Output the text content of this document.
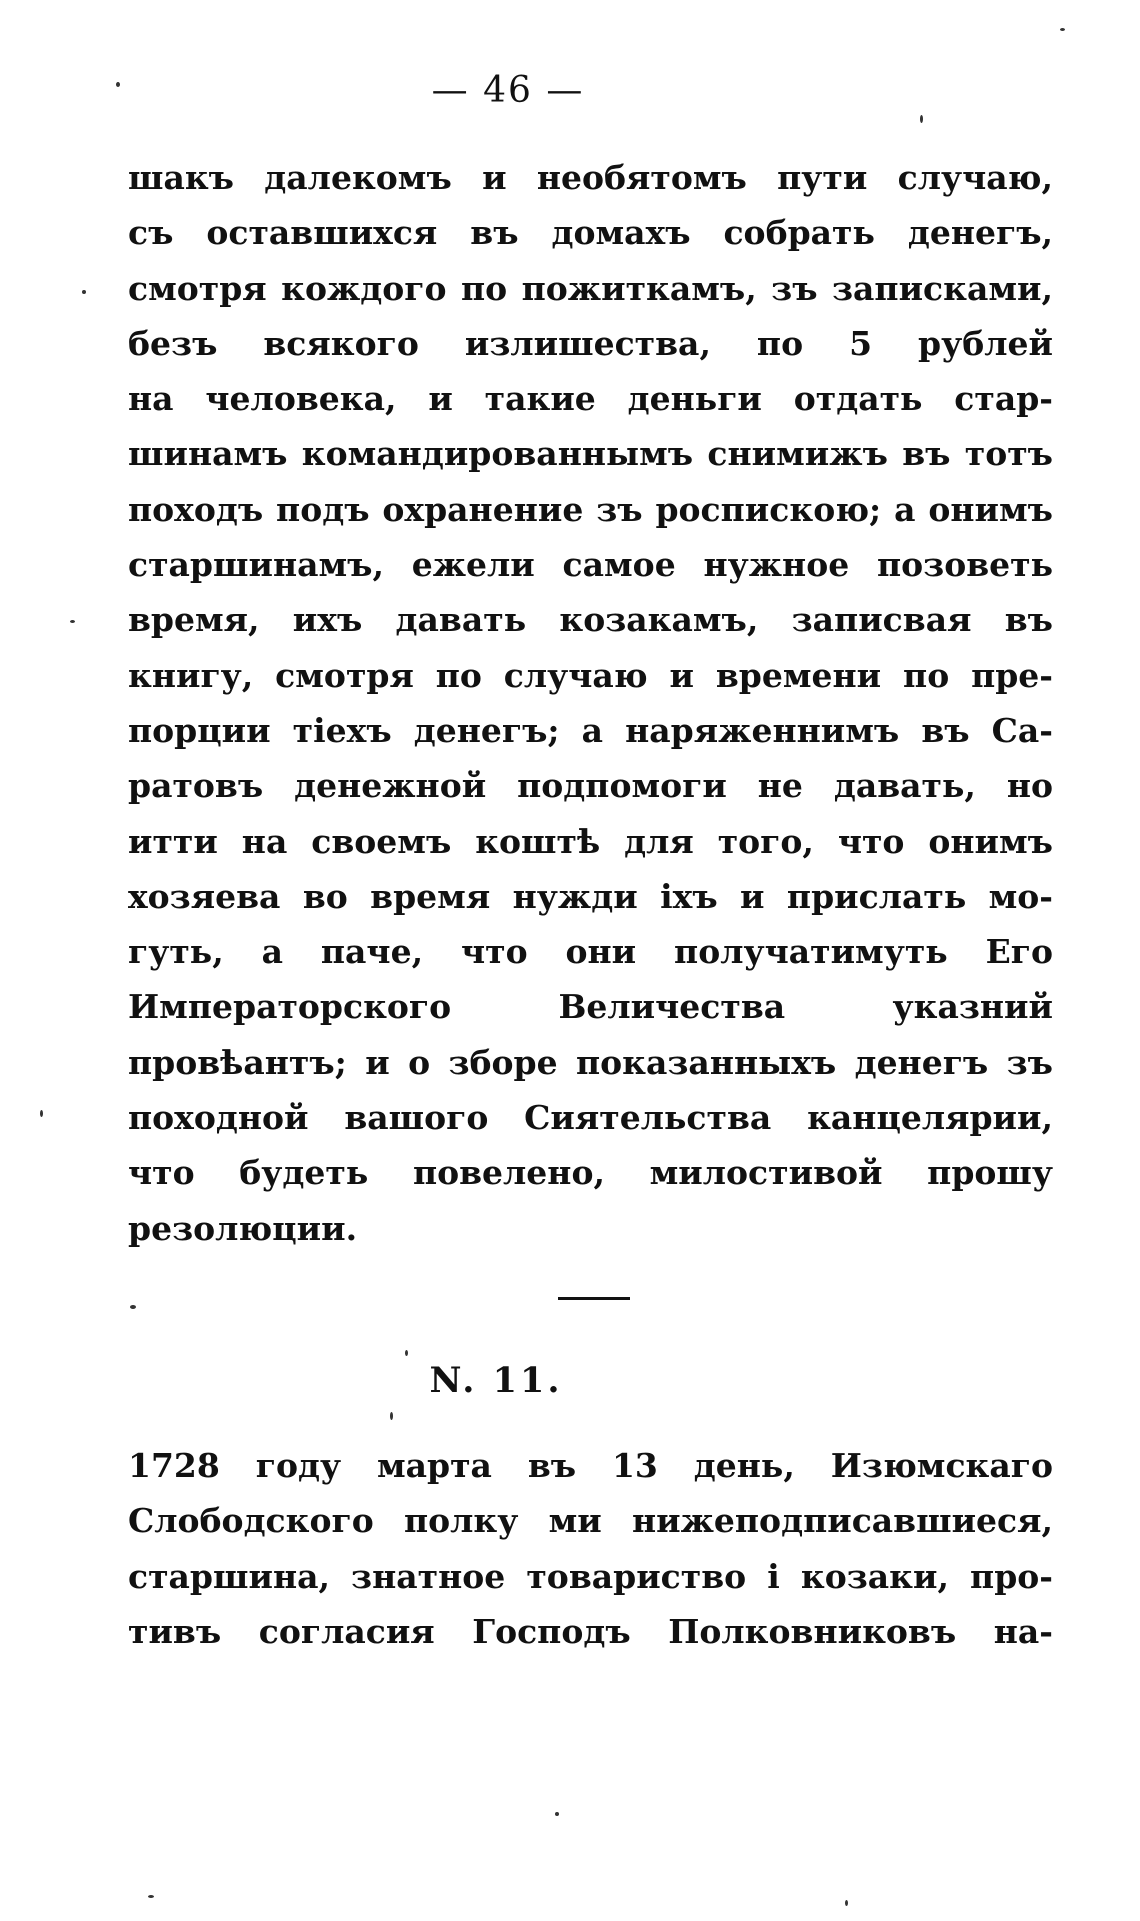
— 46 —
шакъ далекомъ и необятомъ пути случаю,
съ оставшихся въ домахъ собрать денегъ,
смотря кождого по пожиткамъ, зъ записками,
безъ всякого излишества, по 5 рублей
на человека, и такие деньги отдать стар-
шинамъ командированнымъ снимижъ въ тотъ
походъ подъ охранение зъ роспискою; а онимъ
старшинамъ, ежели самое нужное позоветь
время, ихъ давать козакамъ, записвая въ
книгу, смотря по случаю и времени по пре-
порции тіехъ денегъ; а наряженнимъ въ Са-
ратовъ денежной подпомоги не давать, но
итти на своемъ коштѣ для того, что онимъ
хозяева во время нужди іхъ и прислать мо-
гуть, а паче, что они получатимуть Его
Императорского Величества указний
провѣантъ; и о зборе показанныхъ денегъ зъ
походной вашого Сиятельства канцелярии,
что будеть повелено, милостивой прошу
резолюции.
N. 11.
1728 году марта въ 13 день, Изюмскаго
Слободского полку ми нижеподписавшиеся,
старшина, знатное товариство і козаки, про-
тивъ согласия Господъ Полковниковъ на-
